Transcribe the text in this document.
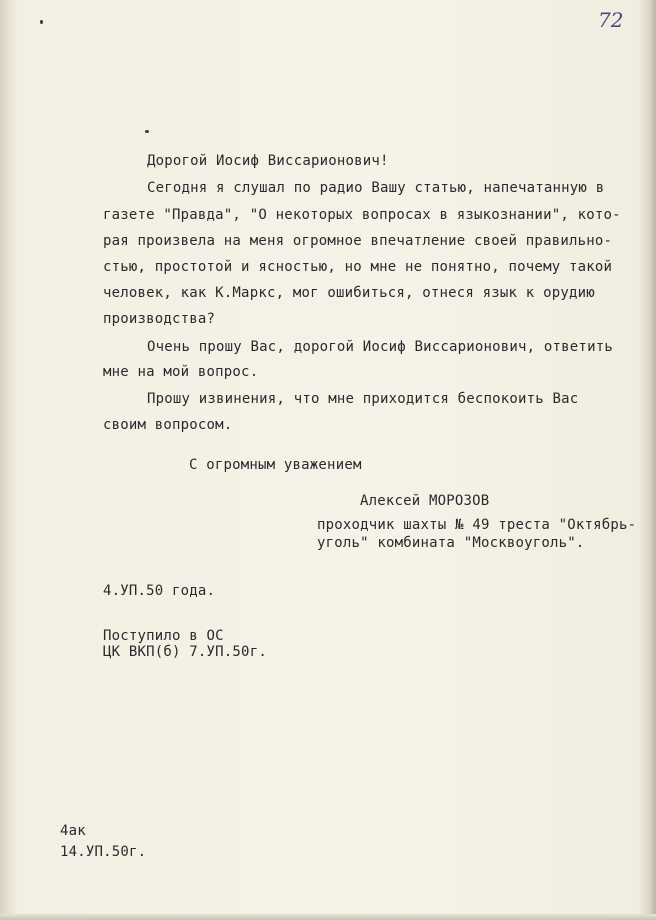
72
Дорогой Иосиф Виссарионович!
Сегодня я слушал по радио Вашу статью, напечатанную в
газете "Правда", "О некоторых вопросах в языкознании", кото-
рая произвела на меня огромное впечатление своей правильно-
стью, простотой и ясностью, но мне не понятно, почему такой
человек, как К.Маркс, мог ошибиться, отнеся язык к орудию
производства?
Очень прошу Вас, дорогой Иосиф Виссарионович, ответить
мне на мой вопрос.
Прошу извинения, что мне приходится беспокоить Вас
своим вопросом.
С огромным уважением
Алексей МОРОЗОВ
проходчик шахты № 49 треста "Октябрь-
уголь" комбината "Москвоуголь".
4.УП.50 года.
Поступило в ОС
ЦК ВКП(б) 7.УП.50г.
4ак
14.УП.50г.
